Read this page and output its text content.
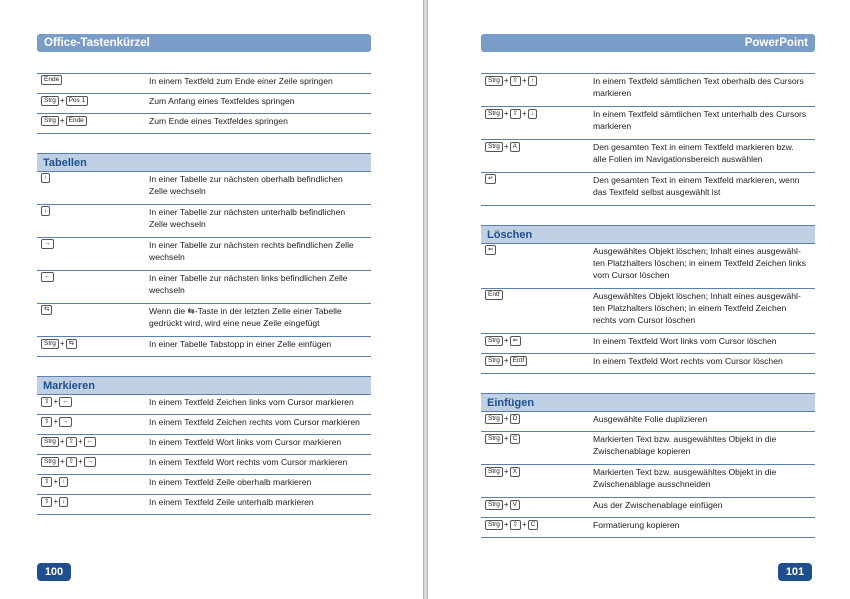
Office-Tastenkürzel
Ende	In einem Textfeld zum Ende einer Zeile springen
Strg + Pos 1	Zum Anfang eines Textfeldes springen
Strg + Ende	Zum Ende eines Textfeldes springen
Tabellen
↑	In einer Tabelle zur nächsten oberhalb befindlichen
Zelle wechseln
↓	In einer Tabelle zur nächsten unterhalb befindlichen
Zelle wechseln
→	In einer Tabelle zur nächsten rechts befindlichen Zelle
wechseln
←	In einer Tabelle zur nächsten links befindlichen Zelle
wechseln
⇆	Wenn die ⇆-Taste in der letzten Zelle einer Tabelle
gedrückt wird, wird eine neue Zeile eingefügt
Strg + ⇆	In einer Tabelle Tabstopp in einer Zelle einfügen
Markieren
⇧ + ←	In einem Textfeld Zeichen links vom Cursor markieren
⇧ + →	In einem Textfeld Zeichen rechts vom Cursor markieren
Strg + ⇧ + ←	In einem Textfeld Wort links vom Cursor markieren
Strg + ⇧ + →	In einem Textfeld Wort rechts vom Cursor markieren
⇧ + ↑	In einem Textfeld Zeile oberhalb markieren
⇧ + ↓	In einem Textfeld Zeile unterhalb markieren
100
PowerPoint
Strg + ⇧ + ↑	In einem Textfeld sämtlichen Text oberhalb des Cursors
markieren
Strg + ⇧ + ↓	In einem Textfeld sämtlichen Text unterhalb des Cursors
markieren
Strg + A	Den gesamten Text in einem Textfeld markieren bzw.
alle Folien im Navigationsbereich auswählen
↵	Den gesamten Text in einem Textfeld markieren, wenn
das Textfeld selbst ausgewählt ist
Löschen
⇐	Ausgewähltes Objekt löschen; Inhalt eines ausgewähl-
ten Platzhalters löschen; in einem Textfeld Zeichen links
vom Cursor löschen
Entf	Ausgewähltes Objekt löschen; Inhalt eines ausgewähl-
ten Platzhalters löschen; in einem Textfeld Zeichen
rechts vom Cursor löschen
Strg + ⇐	In einem Textfeld Wort links vom Cursor löschen
Strg + Entf	In einem Textfeld Wort rechts vom Cursor löschen
Einfügen
Strg + D	Ausgewählte Folie duplizieren
Strg + C	Markierten Text bzw. ausgewähltes Objekt in die
Zwischenablage kopieren
Strg + X	Markierten Text bzw. ausgewähltes Objekt in die
Zwischenablage ausschneiden
Strg + V	Aus der Zwischenablage einfügen
Strg + ⇧ + C	Formatierung kopieren
101
